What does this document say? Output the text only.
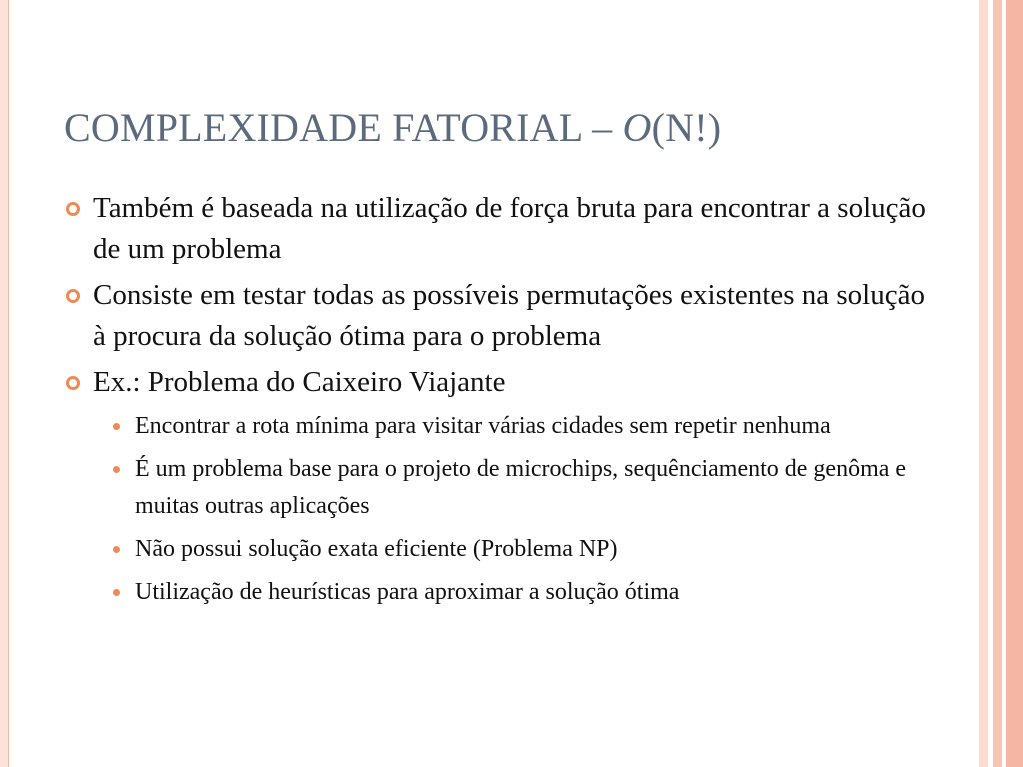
COMPLEXIDADE FATORIAL – O(N!)
Também é baseada na utilização de força bruta para encontrar a solução de um problema
Consiste em testar todas as possíveis permutações existentes na solução à procura da solução ótima para o problema
Ex.: Problema do Caixeiro Viajante
Encontrar a rota mínima para visitar várias cidades sem repetir nenhuma
É um problema base para o projeto de microchips, sequênciamento de genôma e muitas outras aplicações
Não possui solução exata eficiente (Problema NP)
Utilização de heurísticas para aproximar a solução ótima
